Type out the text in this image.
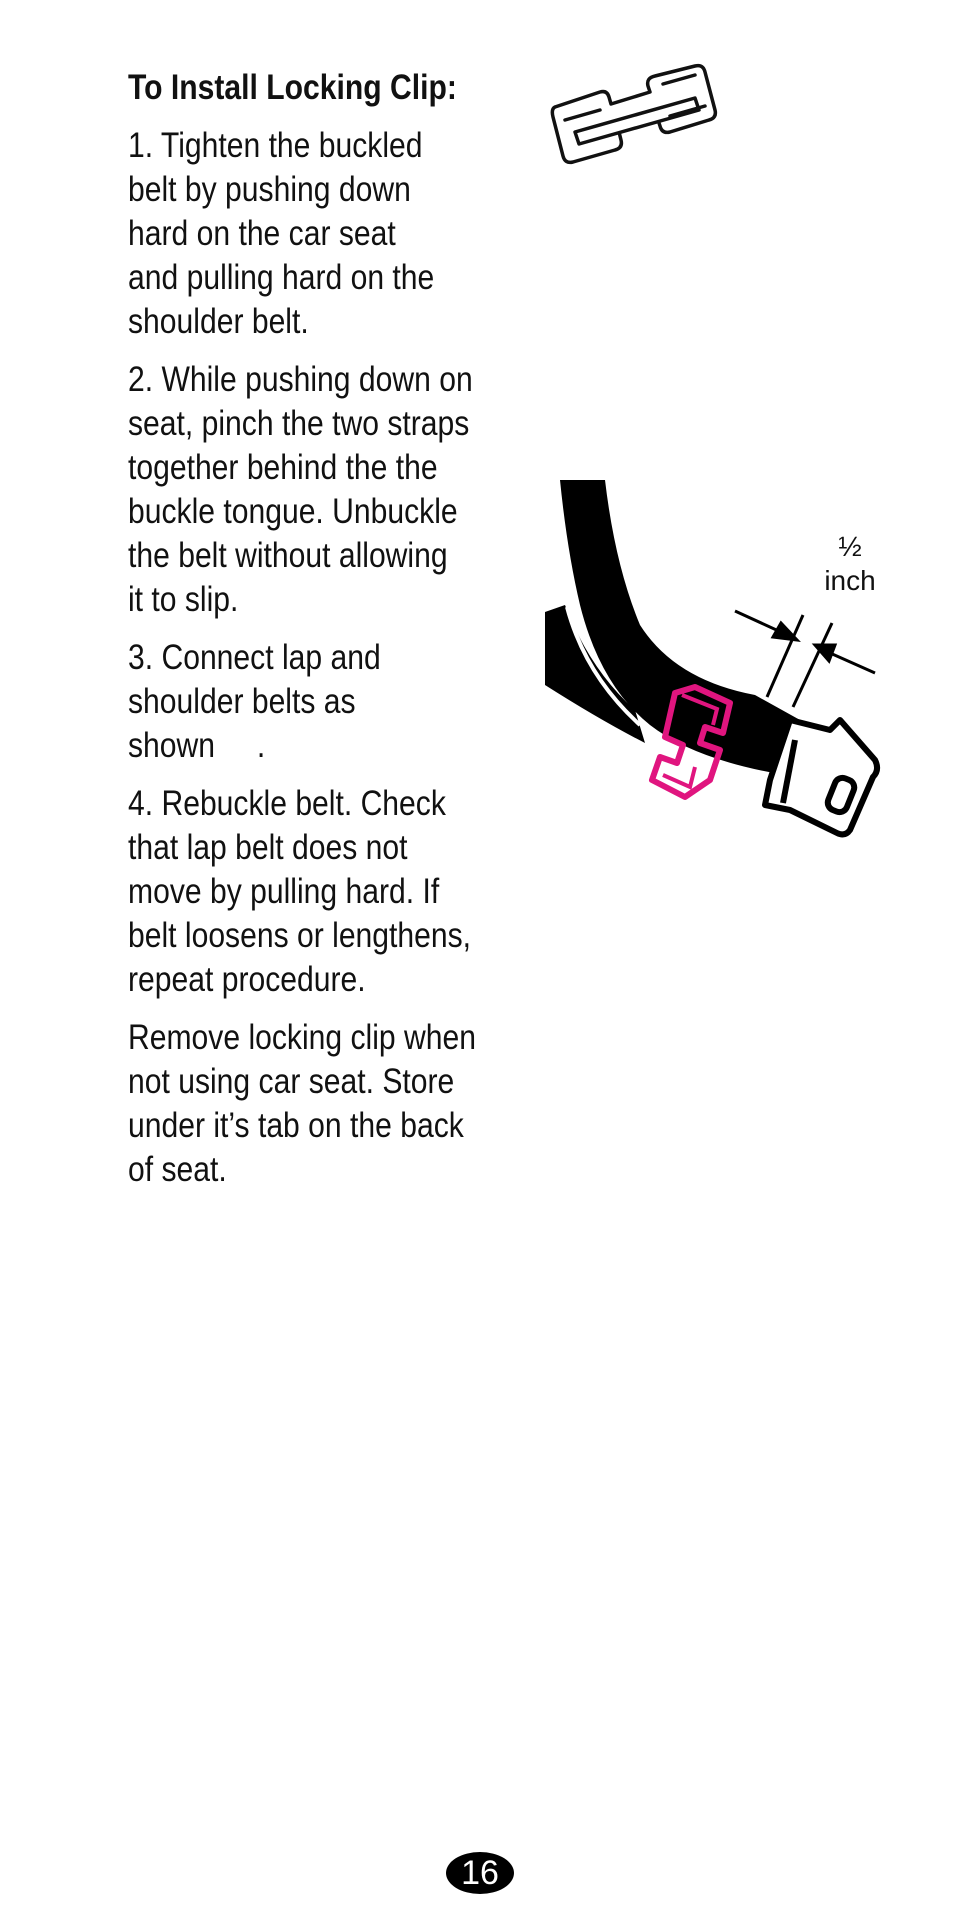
To Install Locking Clip:
1. Tighten the buckled
belt by pushing down
hard on the car seat
and pulling hard on the
shoulder belt.
2. While pushing down on
seat, pinch the two straps
together behind the the
buckle tongue. Unbuckle
the belt without allowing
it to slip.
3. Connect lap and
shoulder belts as
shown     .
4. Rebuckle belt. Check
that lap belt does not
move by pulling hard. If
belt loosens or lengthens,
repeat procedure.
Remove locking clip when
not using car seat. Store
under it’s tab on the back
of seat.
½
inch
16
